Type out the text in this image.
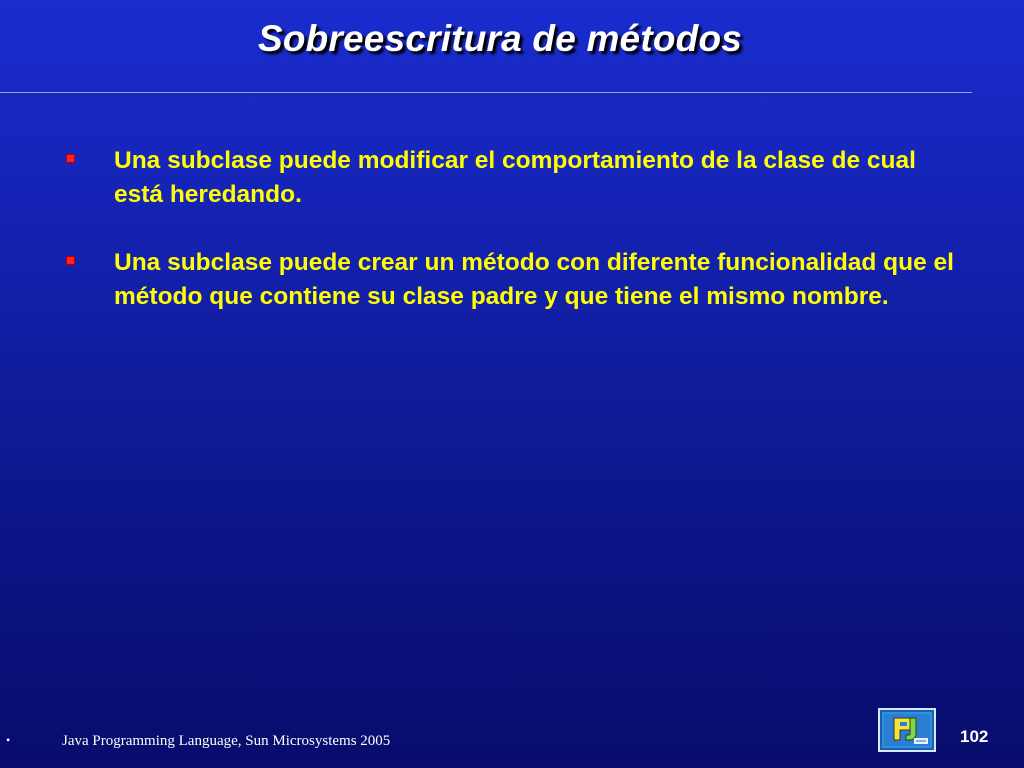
Sobreescritura de métodos
Una subclase puede modificar el comportamiento de la clase de cual está heredando.
Una subclase puede crear un método con diferente funcionalidad que el método que contiene su clase padre y que tiene el mismo nombre.
•	Java Programming Language, Sun Microsystems 2005	102
